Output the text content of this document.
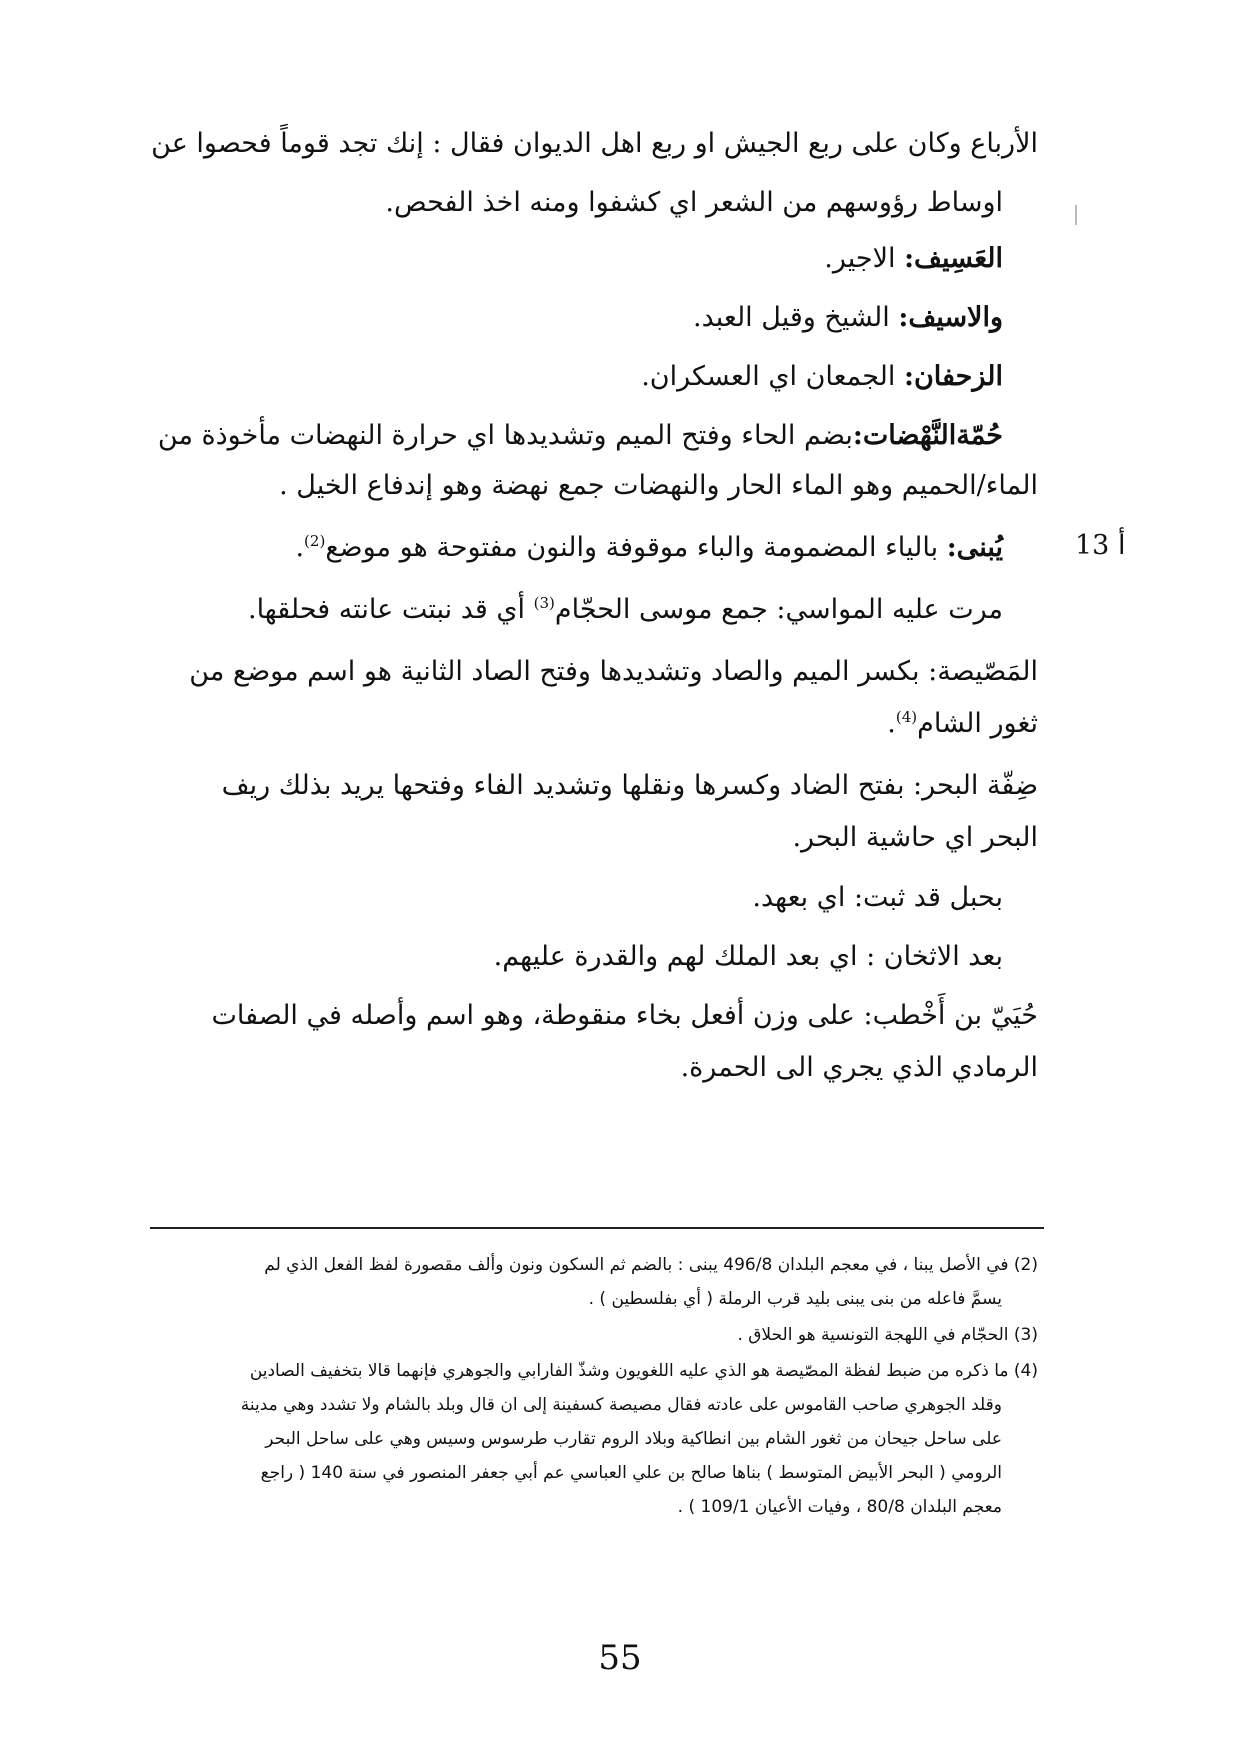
الأرباع وكان على ربع الجيش او ربع اهل الديوان فقال : إنك تجد قوماً فحصوا عن
اوساط رؤوسهم من الشعر اي كشفوا ومنه اخذ الفحص.
العَسِيف: الاجير.
والاسيف: الشيخ وقيل العبد.
الزحفان: الجمعان اي العسكران.
حُمّةالنَّهْضات:بضم الحاء وفتح الميم وتشديدها اي حرارة النهضات مأخوذة من
الماء/الحميم وهو الماء الحار والنهضات جمع نهضة وهو إندفاع الخيل .
13 أ
يُبنى: بالياء المضمومة والباء موقوفة والنون مفتوحة هو موضع$^{(2)}$.
مرت عليه المواسي: جمع موسى الحجّام$^{(3)}$ أي قد نبتت عانته فحلقها.
المَصّيصة: بكسر الميم والصاد وتشديدها وفتح الصاد الثانية هو اسم موضع من
ثغور الشام$^{(4)}$.
ضِفّة البحر: بفتح الضاد وكسرها ونقلها وتشديد الفاء وفتحها يريد بذلك ريف
البحر اي حاشية البحر.
بحبل قد ثبت: اي بعهد.
بعد الاثخان : اي بعد الملك لهم والقدرة عليهم.
حُيَيّ بن أَخْطب: على وزن أفعل بخاء منقوطة، وهو اسم وأصله في الصفات
الرمادي الذي يجري الى الحمرة.
(2) في الأصل يبنا ، في معجم البلدان 496/8 يبنى : بالضم ثم السكون ونون وألف مقصورة لفظ الفعل الذي لم
يسمَّ فاعله من بنى يبنى بليد قرب الرملة ( أي بفلسطين ) .
(3) الحجّام في اللهجة التونسية هو الحلاق .
(4) ما ذكره من ضبط لفظة المصّيصة هو الذي عليه اللغويون وشذّ الفارابي والجوهري فإنهما قالا بتخفيف الصادين
وقلد الجوهري صاحب القاموس على عادته فقال مصيصة كسفينة إلى ان قال وبلد بالشام ولا تشدد وهي مدينة
على ساحل جيحان من ثغور الشام بين انطاكية وبلاد الروم تقارب طرسوس وسيس وهي على ساحل البحر
الرومي ( البحر الأبيض المتوسط ) بناها صالح بن علي العباسي عم أبي جعفر المنصور في سنة 140 ( راجع
معجم البلدان 80/8 ، وفيات الأعيان 109/1 ) .
55
